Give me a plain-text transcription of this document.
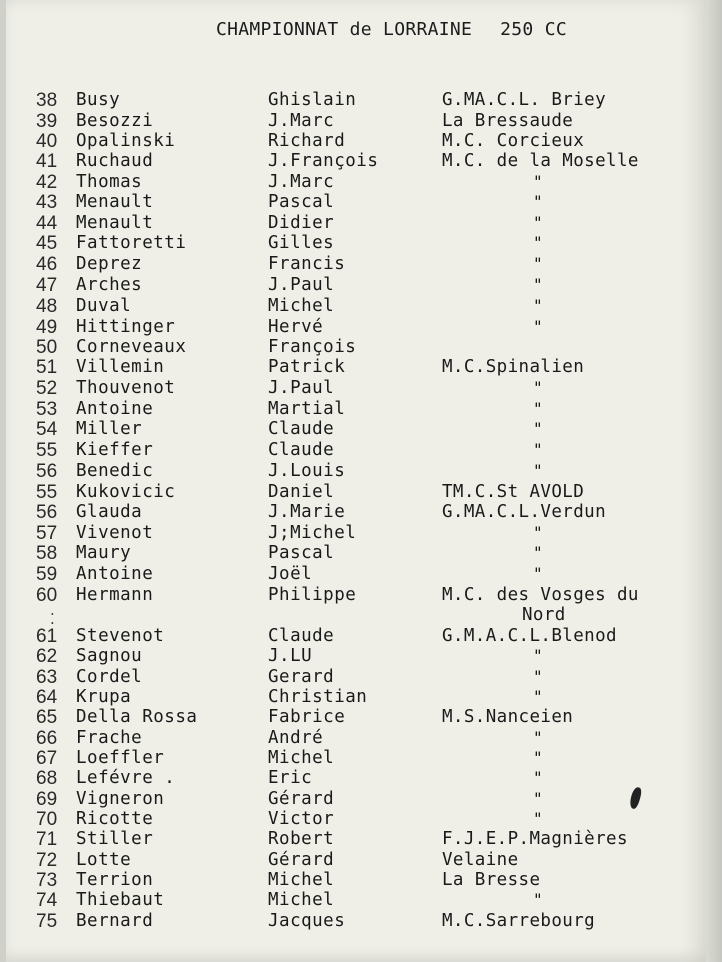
CHAMPIONNAT de LORRAINE 250 CC
38 Busy	Ghislain	G.MA.C.L. Briey
39 Besozzi	J.Marc	La Bressaude
40 Opalinski	Richard	M.C. Corcieux
41 Ruchaud	J.François	M.C. de la Moselle
42 Thomas	J.Marc	"
43 Menault	Pascal	"
44 Menault	Didier	"
45 Fattoretti	Gilles	"
46 Deprez	Francis	"
47 Arches	J.Paul	"
48 Duval	Michel	"
49 Hittinger	Hervé	"
50 Corneveaux	François
51 Villemin	Patrick	M.C.Spinalien
52 Thouvenot	J.Paul	"
53 Antoine	Martial	"
54 Miller	Claude	"
55 Kieffer	Claude	"
56 Benedic	J.Louis	"
55 Kukovicic	Daniel	TM.C.St AVOLD
56 Glauda	J.Marie	G.MA.C.L.Verdun
57 Vivenot	J;Michel	"
58 Maury	Pascal	"
59 Antoine	Joël	"
60 Hermann	Philippe	M.C. des Vosges du
Nord
61 Stevenot	Claude	G.M.A.C.L.Blenod
62 Sagnou	J.LU	"
63 Cordel	Gerard	"
64 Krupa	Christian	"
65 Della Rossa	Fabrice	M.S.Nanceien
66 Frache	André	"
67 Loeffler	Michel	"
68 Lefévre .	Eric	"
69 Vigneron	Gérard	"
70 Ricotte	Victor	"
71 Stiller	Robert	F.J.E.P.Magnières
72 Lotte	Gérard	Velaine
73 Terrion	Michel	La Bresse
74 Thiebaut	Michel	"
75 Bernard	Jacques	M.C.Sarrebourg
⁚
